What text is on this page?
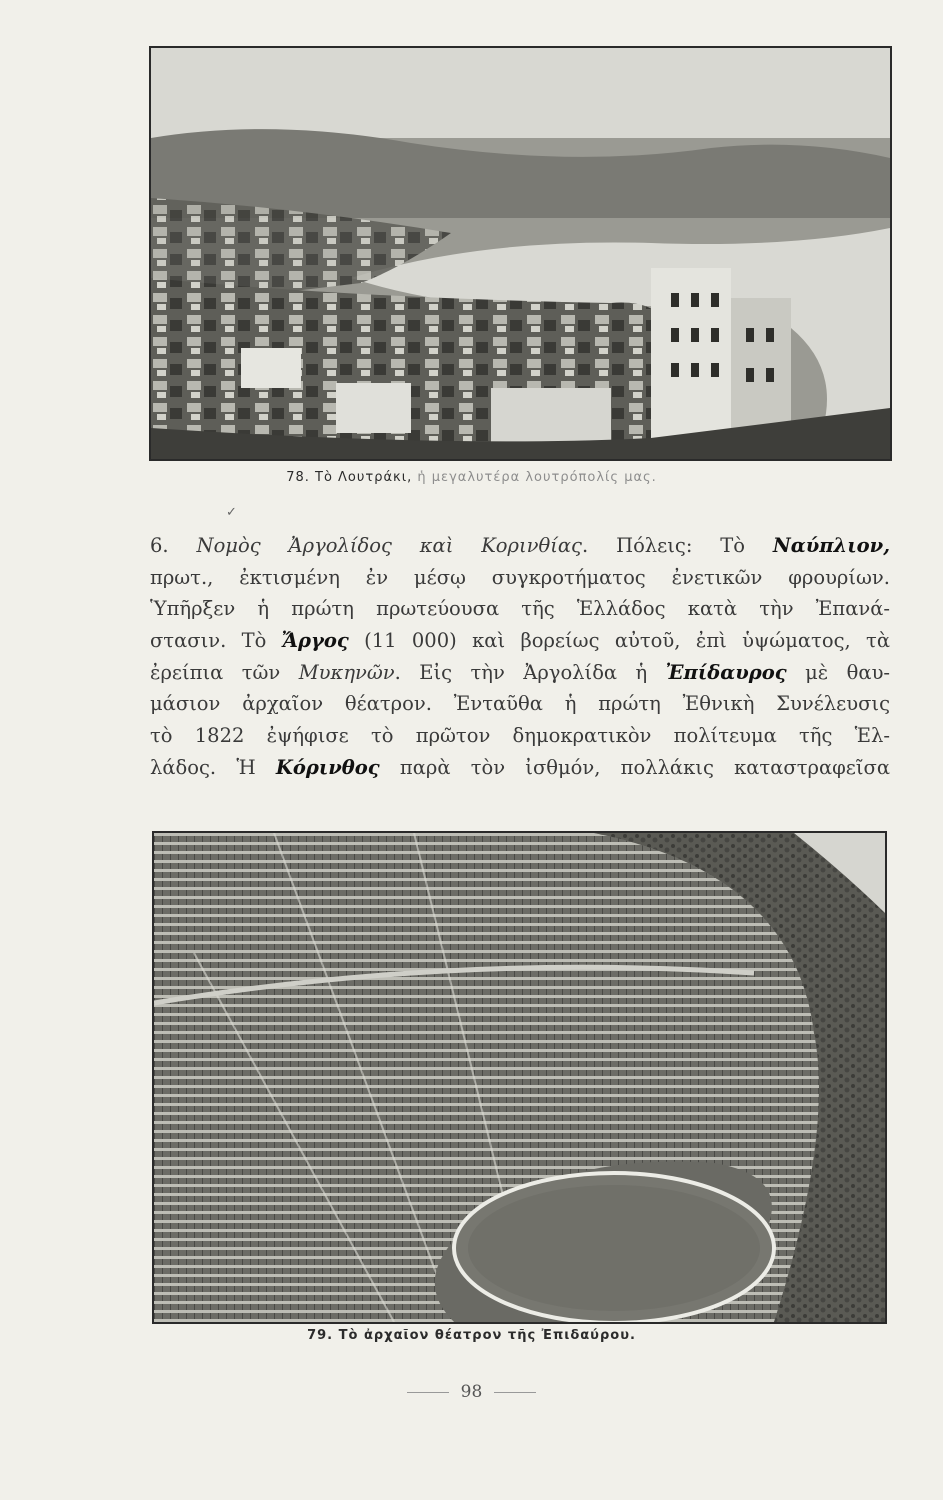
78. Τὸ Λουτράκι, ἡ μεγαλυτέρα λουτρόπολίς μας.
✓
6. Νομὸς Ἀργολίδος καὶ Κορινθίας. Πόλεις: Τὸ Ναύπλιον,
πρωτ., ἐκτισμένη ἐν μέσῳ συγκροτήματος ἐνετικῶν φρουρίων.
Ὑπῆρξεν ἡ πρώτη πρωτεύουσα τῆς Ἑλλάδος κατὰ τὴν Ἐπανά-
στασιν. Τὸ Ἄργος (11 000) καὶ βορείως αὐτοῦ, ἐπὶ ὑψώματος, τὰ
ἐρείπια τῶν Μυκηνῶν. Εἰς τὴν Ἀργολίδα ἡ Ἐπίδαυρος μὲ θαυ-
μάσιον ἀρχαῖον θέατρον. Ἐνταῦθα ἡ πρώτη Ἐθνικὴ Συνέλευσις
τὸ 1822 ἐψήφισε τὸ πρῶτον δημοκρατικὸν πολίτευμα τῆς Ἑλ-
λάδος. Ἡ Κόρινθος παρὰ τὸν ἰσθμόν, πολλάκις καταστραφεῖσα
79. Τὸ ἀρχαῖον θέατρον τῆς Ἐπιδαύρου.
98
